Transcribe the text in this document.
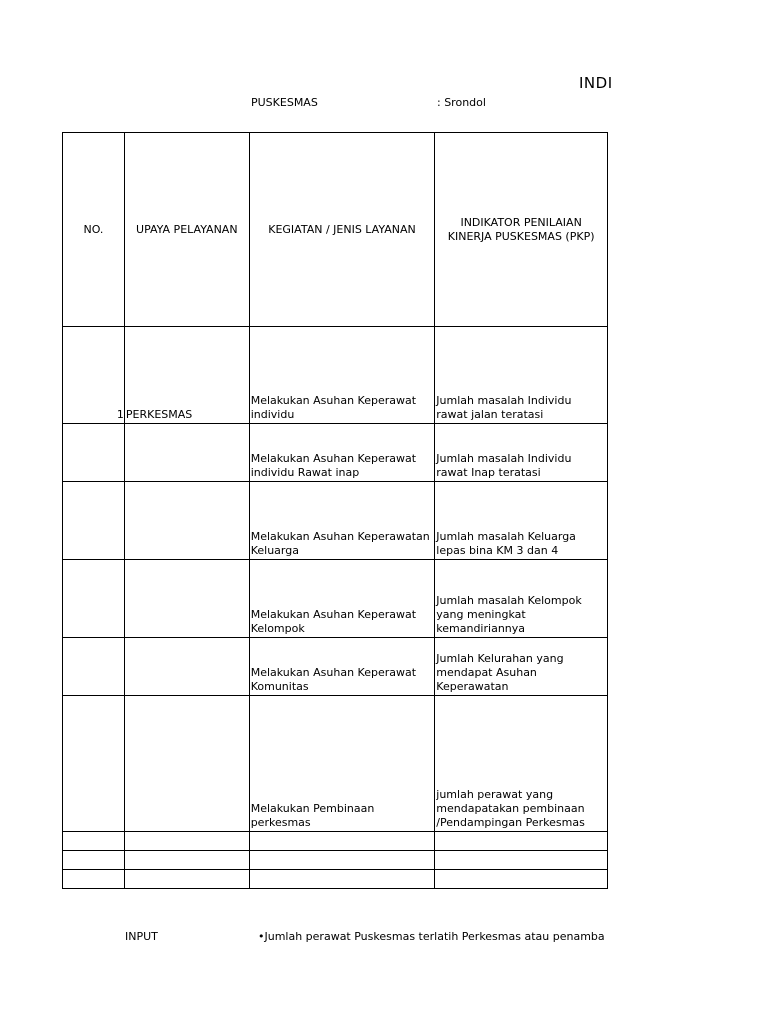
INDI
PUSKESMAS	: Srondol
NO.	UPAYA PELAYANAN	KEGIATAN / JENIS LAYANAN	INDIKATOR PENILAIAN KINERJA PUSKESMAS (PKP)
1	PERKESMAS	Melakukan Asuhan Keperawat individu	Jumlah masalah Individu rawat jalan teratasi
		Melakukan Asuhan Keperawat individu Rawat inap	Jumlah masalah Individu rawat Inap teratasi
		Melakukan Asuhan Keperawatan Keluarga	Jumlah masalah Keluarga lepas bina KM 3 dan 4
		Melakukan Asuhan Keperawat Kelompok	Jumlah masalah Kelompok yang meningkat kemandiriannya
		Melakukan Asuhan Keperawat Komunitas	Jumlah Kelurahan yang mendapat Asuhan Keperawatan
		Melakukan Pembinaan perkesmas	jumlah perawat yang mendapatakan pembinaan /Pendampingan Perkesmas

INPUT	•Jumlah perawat Puskesmas terlatih Perkesmas atau penamba
